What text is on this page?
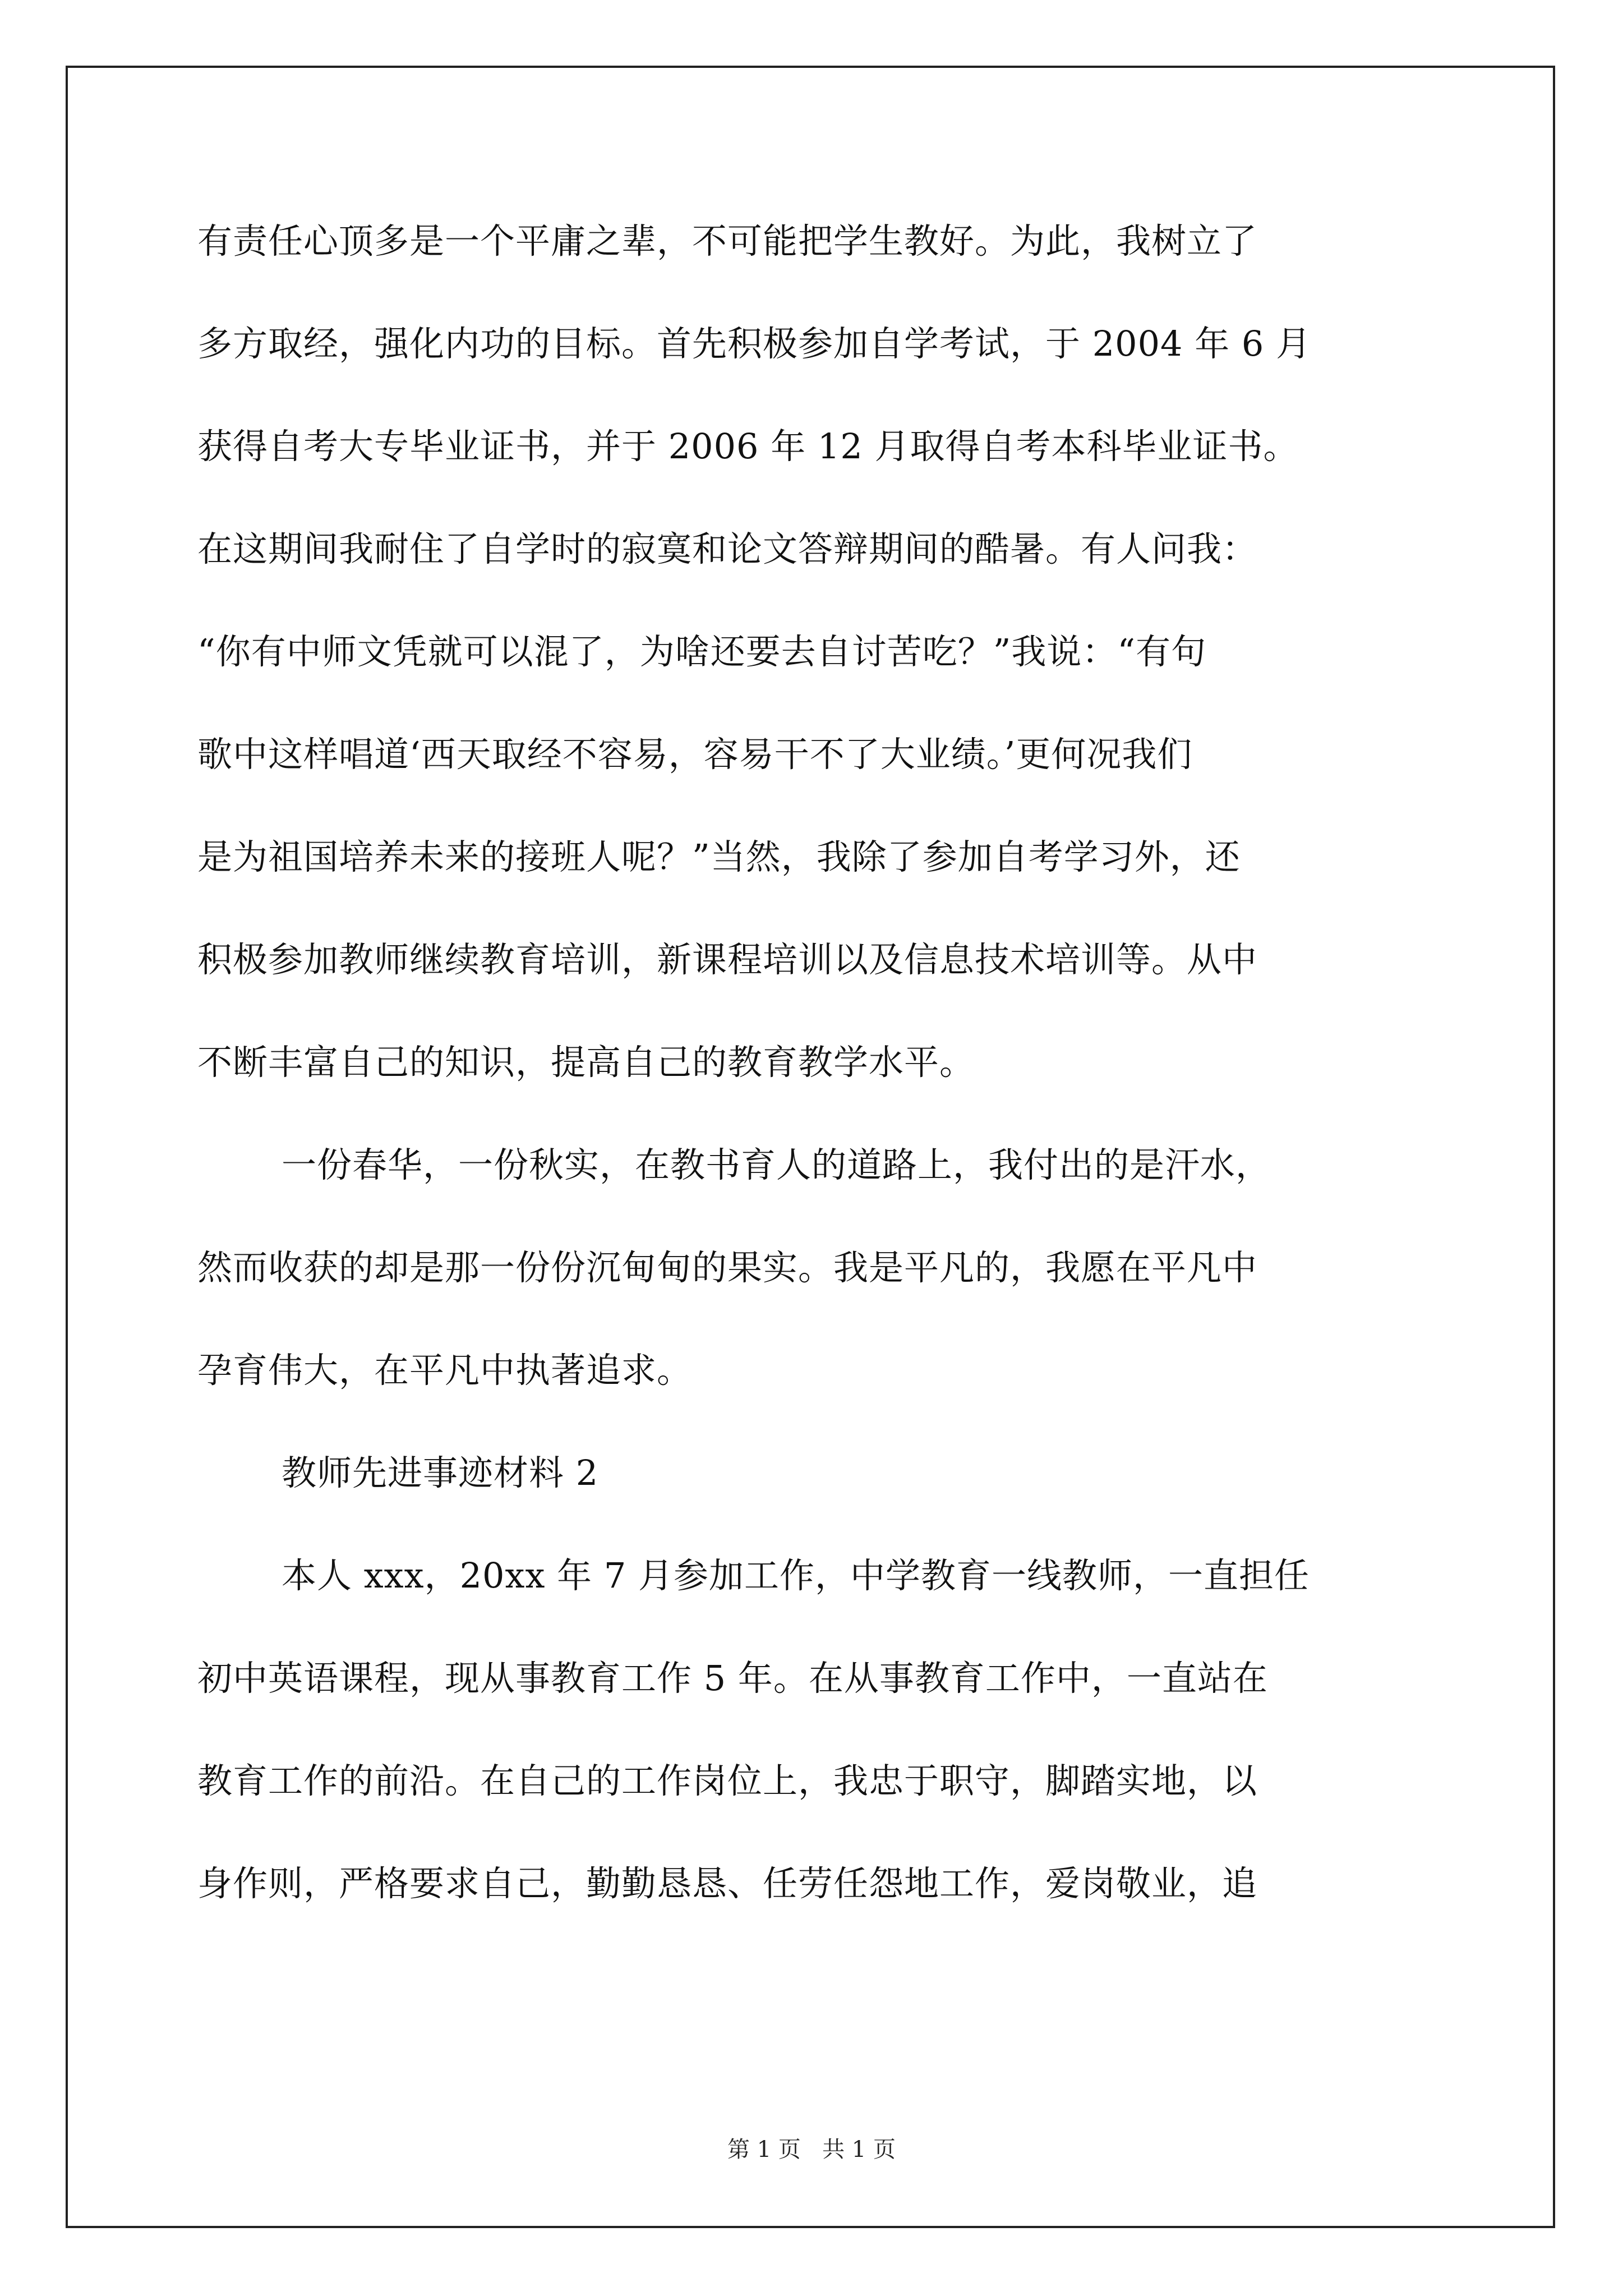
有责任心顶多是一个平庸之辈，不可能把学生教好。为此，我树立了
多方取经，强化内功的目标。首先积极参加自学考试，于 2004 年 6 月
获得自考大专毕业证书，并于 2006 年 12 月取得自考本科毕业证书。
在这期间我耐住了自学时的寂寞和论文答辩期间的酷暑。有人问我：
“你有中师文凭就可以混了，为啥还要去自讨苦吃？”我说：“有句
歌中这样唱道‘西天取经不容易，容易干不了大业绩。’更何况我们
是为祖国培养未来的接班人呢？”当然，我除了参加自考学习外，还
积极参加教师继续教育培训，新课程培训以及信息技术培训等。从中
不断丰富自己的知识，提高自己的教育教学水平。
一份春华，一份秋实，在教书育人的道路上，我付出的是汗水，
然而收获的却是那一份份沉甸甸的果实。我是平凡的，我愿在平凡中
孕育伟大，在平凡中执著追求。
教师先进事迹材料 2
本人 xxx，20xx 年 7 月参加工作，中学教育一线教师，一直担任
初中英语课程，现从事教育工作 5 年。在从事教育工作中，一直站在
教育工作的前沿。在自己的工作岗位上，我忠于职守，脚踏实地，以
身作则，严格要求自己，勤勤恳恳、任劳任怨地工作，爱岗敬业，追
第 1 页   共 1 页
